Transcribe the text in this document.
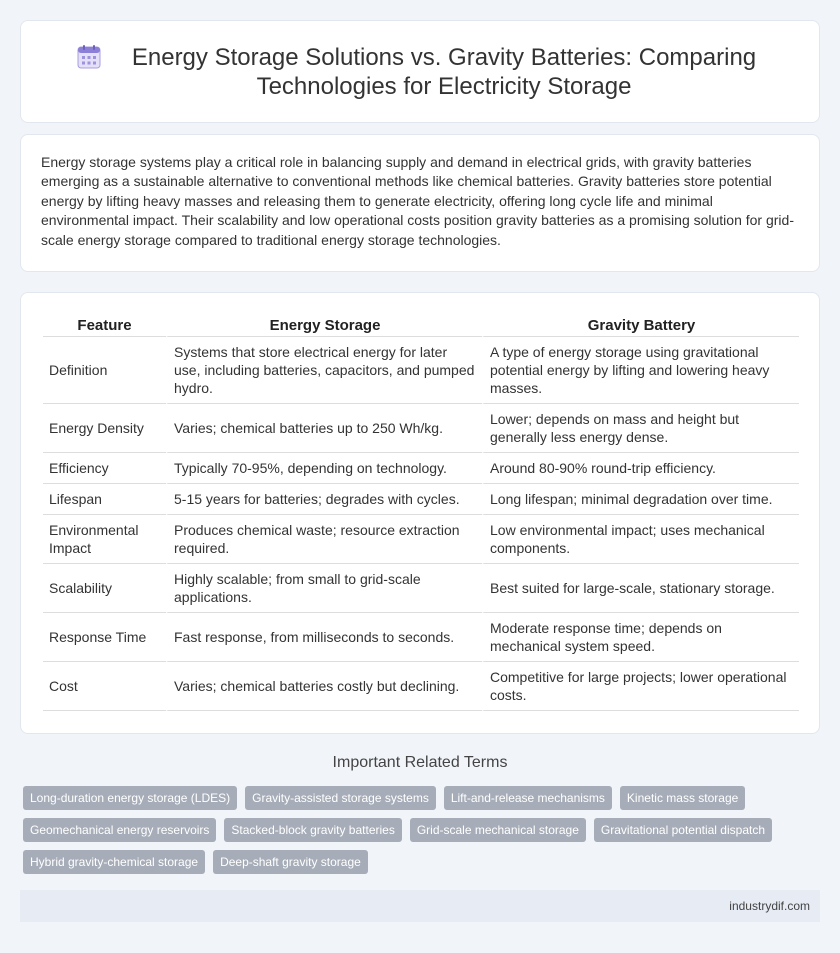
Energy Storage Solutions vs. Gravity Batteries: Comparing Technologies for Electricity Storage

Energy storage systems play a critical role in balancing supply and demand in electrical grids, with gravity batteries emerging as a sustainable alternative to conventional methods like chemical batteries. Gravity batteries store potential energy by lifting heavy masses and releasing them to generate electricity, offering long cycle life and minimal environmental impact. Their scalability and low operational costs position gravity batteries as a promising solution for grid-scale energy storage compared to traditional energy storage technologies.

Feature	Energy Storage	Gravity Battery
Definition	Systems that store electrical energy for later use, including batteries, capacitors, and pumped hydro.	A type of energy storage using gravitational potential energy by lifting and lowering heavy masses.
Energy Density	Varies; chemical batteries up to 250 Wh/kg.	Lower; depends on mass and height but generally less energy dense.
Efficiency	Typically 70-95%, depending on technology.	Around 80-90% round-trip efficiency.
Lifespan	5-15 years for batteries; degrades with cycles.	Long lifespan; minimal degradation over time.
Environmental Impact	Produces chemical waste; resource extraction required.	Low environmental impact; uses mechanical components.
Scalability	Highly scalable; from small to grid-scale applications.	Best suited for large-scale, stationary storage.
Response Time	Fast response, from milliseconds to seconds.	Moderate response time; depends on mechanical system speed.
Cost	Varies; chemical batteries costly but declining.	Competitive for large projects; lower operational costs.
Important Related Terms
Long-duration energy storage (LDES)	Gravity-assisted storage systems	Lift-and-release mechanisms	Kinetic mass storage
Geomechanical energy reservoirs	Stacked-block gravity batteries	Grid-scale mechanical storage	Gravitational potential dispatch
Hybrid gravity-chemical storage	Deep-shaft gravity storage
industrydif.com
